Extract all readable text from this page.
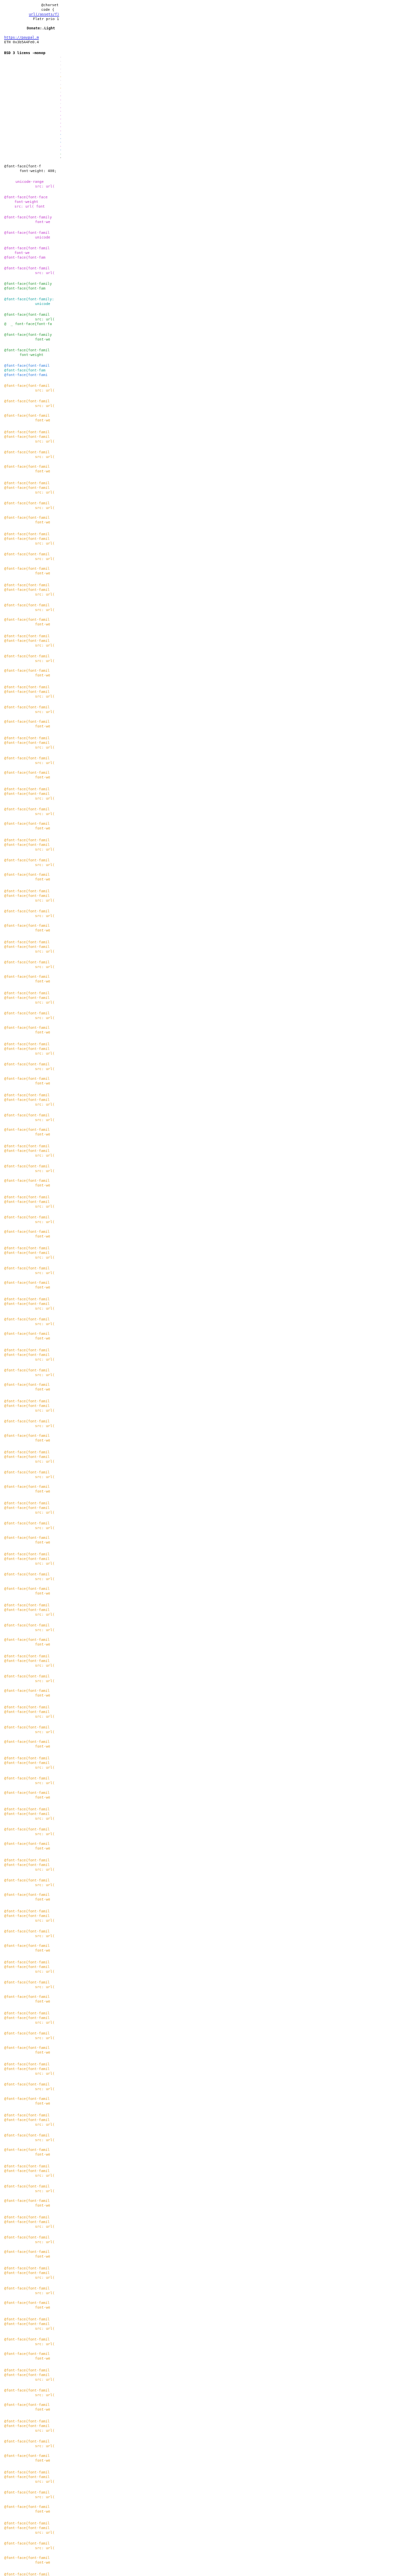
@charset
code {
url(/assets/f)
Flatr prio 1

Donate:.Light

https://paypal.m
ETH 0x3b5A4Fe0.4
BSD 3 licens -monop
·
·
·
·
·
·
·
·
·
·
·
·
·
·
·
·
·
·
·
·
·
·
·
·
·
·
·
@font-face{font-f
font-weight: 400;
unicode-range
src: url(
@font-face{font-face
font-weight
src: url( font
@font-face{font-family
font-we
@font-face{font-famil
unicode
@font-face{font-famil
font-we
@font-face{font-fam
@font-face{font-famil
src: url(
@font-face{font-family
@font-face{font-fam
@font-face{font-family:
unicode
@font-face{font-famil
src: url(
@  _ font-face{font-fa
@font-face{font-family
font-we
@font-face{font-famil
font-weight
@font-face{font-famil
@font-face{font-fam
@font-face{font-fami
@font-face{font-famil
src: url(
@font-face{font-famil
src: url(
@font-face{font-famil
font-we
@font-face{font-famil
@font-face{font-famil
src: url(
@font-face{font-famil
src: url(
@font-face{font-famil
font-we
@font-face{font-famil
@font-face{font-famil
src: url(
@font-face{font-famil
src: url(
@font-face{font-famil
font-we
@font-face{font-famil
@font-face{font-famil
src: url(
@font-face{font-famil
src: url(
@font-face{font-famil
font-we
@font-face{font-famil
@font-face{font-famil
src: url(
@font-face{font-famil
src: url(
@font-face{font-famil
font-we
@font-face{font-famil
@font-face{font-famil
src: url(
@font-face{font-famil
src: url(
@font-face{font-famil
font-we
@font-face{font-famil
@font-face{font-famil
src: url(
@font-face{font-famil
src: url(
@font-face{font-famil
font-we
@font-face{font-famil
@font-face{font-famil
src: url(
@font-face{font-famil
src: url(
@font-face{font-famil
font-we
@font-face{font-famil
@font-face{font-famil
src: url(
@font-face{font-famil
src: url(
@font-face{font-famil
font-we
@font-face{font-famil
@font-face{font-famil
src: url(
@font-face{font-famil
src: url(
@font-face{font-famil
font-we
@font-face{font-famil
@font-face{font-famil
src: url(
@font-face{font-famil
src: url(
@font-face{font-famil
font-we
@font-face{font-famil
@font-face{font-famil
src: url(
@font-face{font-famil
src: url(
@font-face{font-famil
font-we
@font-face{font-famil
@font-face{font-famil
src: url(
@font-face{font-famil
src: url(
@font-face{font-famil
font-we
@font-face{font-famil
@font-face{font-famil
src: url(
@font-face{font-famil
src: url(
@font-face{font-famil
font-we
@font-face{font-famil
@font-face{font-famil
src: url(
@font-face{font-famil
src: url(
@font-face{font-famil
font-we
@font-face{font-famil
@font-face{font-famil
src: url(
@font-face{font-famil
src: url(
@font-face{font-famil
font-we
@font-face{font-famil
@font-face{font-famil
src: url(
@font-face{font-famil
src: url(
@font-face{font-famil
font-we
@font-face{font-famil
@font-face{font-famil
src: url(
@font-face{font-famil
src: url(
@font-face{font-famil
font-we
@font-face{font-famil
@font-face{font-famil
src: url(
@font-face{font-famil
src: url(
@font-face{font-famil
font-we
@font-face{font-famil
@font-face{font-famil
src: url(
@font-face{font-famil
src: url(
@font-face{font-famil
font-we
@font-face{font-famil
@font-face{font-famil
src: url(
@font-face{font-famil
src: url(
@font-face{font-famil
font-we
@font-face{font-famil
@font-face{font-famil
src: url(
@font-face{font-famil
src: url(
@font-face{font-famil
font-we
@font-face{font-famil
@font-face{font-famil
src: url(
@font-face{font-famil
src: url(
@font-face{font-famil
font-we
@font-face{font-famil
@font-face{font-famil
src: url(
@font-face{font-famil
src: url(
@font-face{font-famil
font-we
@font-face{font-famil
@font-face{font-famil
src: url(
@font-face{font-famil
src: url(
@font-face{font-famil
font-we
@font-face{font-famil
@font-face{font-famil
src: url(
@font-face{font-famil
src: url(
@font-face{font-famil
font-we
@font-face{font-famil
@font-face{font-famil
src: url(
@font-face{font-famil
src: url(
@font-face{font-famil
font-we
@font-face{font-famil
@font-face{font-famil
src: url(
@font-face{font-famil
src: url(
@font-face{font-famil
font-we
@font-face{font-famil
@font-face{font-famil
src: url(
@font-face{font-famil
src: url(
@font-face{font-famil
font-we
@font-face{font-famil
@font-face{font-famil
src: url(
@font-face{font-famil
src: url(
@font-face{font-famil
font-we
@font-face{font-famil
@font-face{font-famil
src: url(
@font-face{font-famil
src: url(
@font-face{font-famil
font-we
@font-face{font-famil
@font-face{font-famil
src: url(
@font-face{font-famil
src: url(
@font-face{font-famil
font-we
@font-face{font-famil
@font-face{font-famil
src: url(
@font-face{font-famil
src: url(
@font-face{font-famil
font-we
@font-face{font-famil
@font-face{font-famil
src: url(
@font-face{font-famil
src: url(
@font-face{font-famil
font-we
@font-face{font-famil
@font-face{font-famil
src: url(
@font-face{font-famil
src: url(
@font-face{font-famil
font-we
@font-face{font-famil
@font-face{font-famil
src: url(
@font-face{font-famil
src: url(
@font-face{font-famil
font-we
@font-face{font-famil
@font-face{font-famil
src: url(
@font-face{font-famil
src: url(
@font-face{font-famil
font-we
@font-face{font-famil
@font-face{font-famil
src: url(
@font-face{font-famil
src: url(
@font-face{font-famil
font-we
@font-face{font-famil
@font-face{font-famil
src: url(
@font-face{font-famil
src: url(
@font-face{font-famil
font-we
@font-face{font-famil
@font-face{font-famil
src: url(
@font-face{font-famil
src: url(
@font-face{font-famil
font-we
@font-face{font-famil
@font-face{font-famil
src: url(
@font-face{font-famil
src: url(
@font-face{font-famil
font-we
@font-face{font-famil
@font-face{font-famil
src: url(
@font-face{font-famil
src: url(
@font-face{font-famil
font-we
@font-face{font-famil
@font-face{font-famil
src: url(
@font-face{font-famil
src: url(
@font-face{font-famil
font-we
@font-face{font-famil
